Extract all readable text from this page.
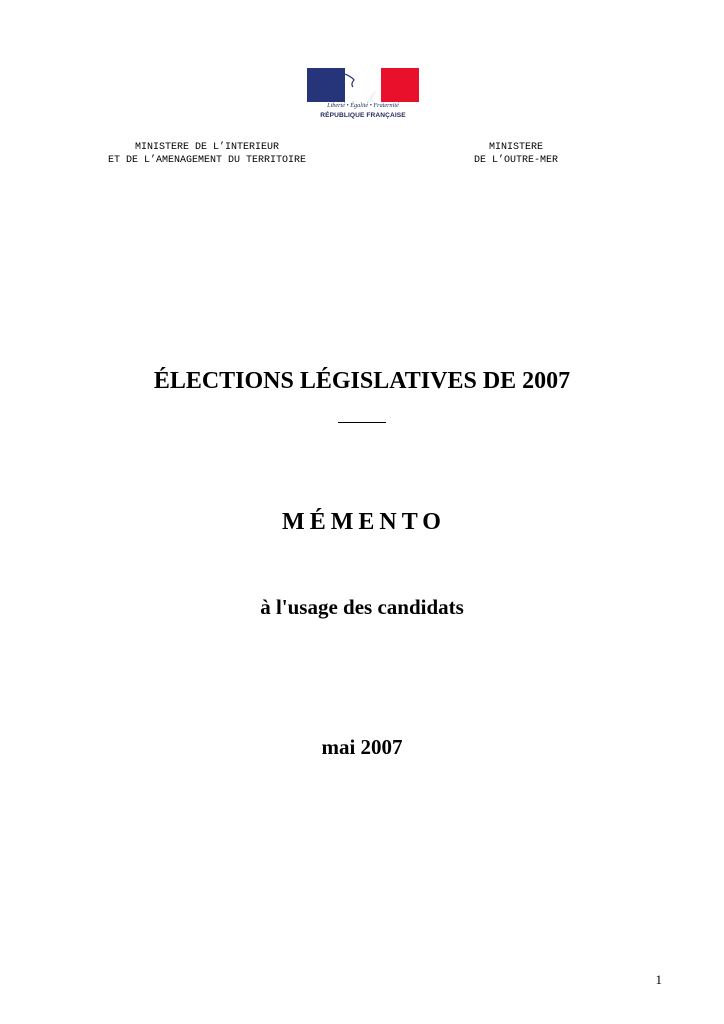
Liberté • Égalité • Fraternité
RÉPUBLIQUE FRANÇAISE
MINISTERE DE L’INTERIEUR
ET DE L’AMENAGEMENT DU TERRITOIRE
MINISTERE
DE L’OUTRE-MER
ÉLECTIONS LÉGISLATIVES DE 2007
MÉMENTO
à l'usage des candidats
mai 2007
1
